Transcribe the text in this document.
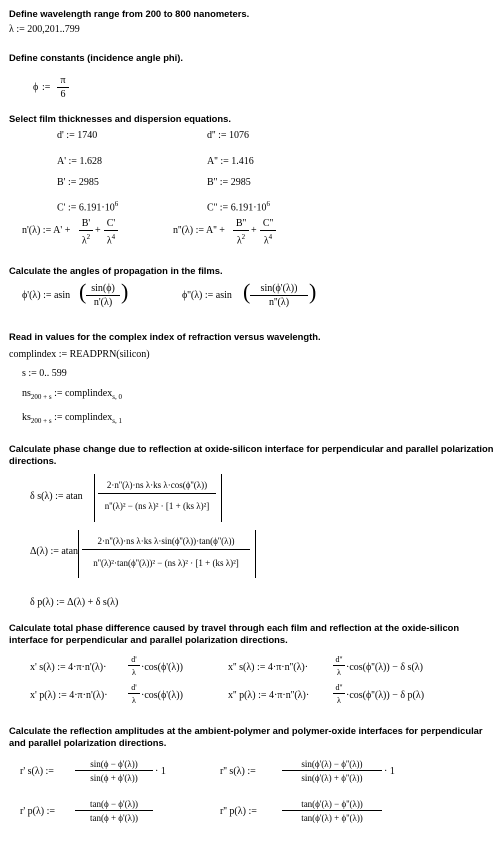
Define wavelength range from 200 to 800 nanometers.
λ := 200,201..799
Define constants (incidence angle phi).
ϕ :=
π
6
Select film thicknesses and dispersion equations.
d' := 1740	d'' := 1076
A' := 1.628	A'' := 1.416
B' := 2985	B'' := 2985
C' := $6.191\cdot 10^6$	C'' := $6.191\cdot 10^6$
n'(λ) := A' +
B'
$\lambda^2$
+
C'
$\lambda^4$
n''(λ) := A'' +
B''
$\lambda^2$
+
C''
$\lambda^4$
Calculate the angles of propagation in the films.
ϕ'(λ) := asin ( sin(ϕ)
n'(λ) )	ϕ''(λ) := asin (	sin(ϕ'(λ))
n''(λ) )
Read in values for the complex index of refraction versus wavelength.
complindex := READPRN(silicon)
s := 0.. 599
$ns_{200 + s}$ := complindex$_{s, 0}$
$ks_{200 + s}$ := complindex$_{s, 1}$
Calculate phase change due to reflection at oxide-silicon interface for perpendicular and parallel polarization directions.
δ s(λ) := atan
2·n''(λ)·ns λ·ks λ·cos(ϕ''(λ))
n''(λ)² − (ns λ)² · [1 + (ks λ)²]
Δ(λ) := atan
2·n''(λ)·ns λ·ks λ·sin(ϕ''(λ))·tan(ϕ''(λ))
n''(λ)²·tan(ϕ''(λ))² − (ns λ)² · [1 + (ks λ)²]
δ p(λ) := Δ(λ) + δ s(λ)
Calculate total phase difference caused by travel through each film and reflection at the oxide-silicon interface for perpendicular and parallel polarization directions.
x' s(λ) := 4·π·n'(λ)·
d'
λ ·cos(ϕ'(λ))	x'' s(λ) := 4·π·n''(λ)·
d''
λ ·cos(ϕ''(λ)) − δ s(λ)
x' p(λ) := 4·π·n'(λ)·
d'
λ ·cos(ϕ'(λ))	x'' p(λ) := 4·π·n''(λ)·
d''
λ ·cos(ϕ''(λ)) − δ p(λ)
Calculate the reflection amplitudes at the ambient-polymer and polymer-oxide interfaces for perpendicular and parallel polarization directions.
r' s(λ) :=
sin(ϕ − ϕ'(λ))
sin(ϕ + ϕ'(λ))
· 1	r'' s(λ) :=
sin(ϕ'(λ) − ϕ''(λ))
sin(ϕ'(λ) + ϕ''(λ))
· 1
r' p(λ) :=
tan(ϕ − ϕ'(λ))
tan(ϕ + ϕ'(λ))
r'' p(λ) :=
tan(ϕ'(λ) − ϕ''(λ))
tan(ϕ'(λ) + ϕ''(λ))
